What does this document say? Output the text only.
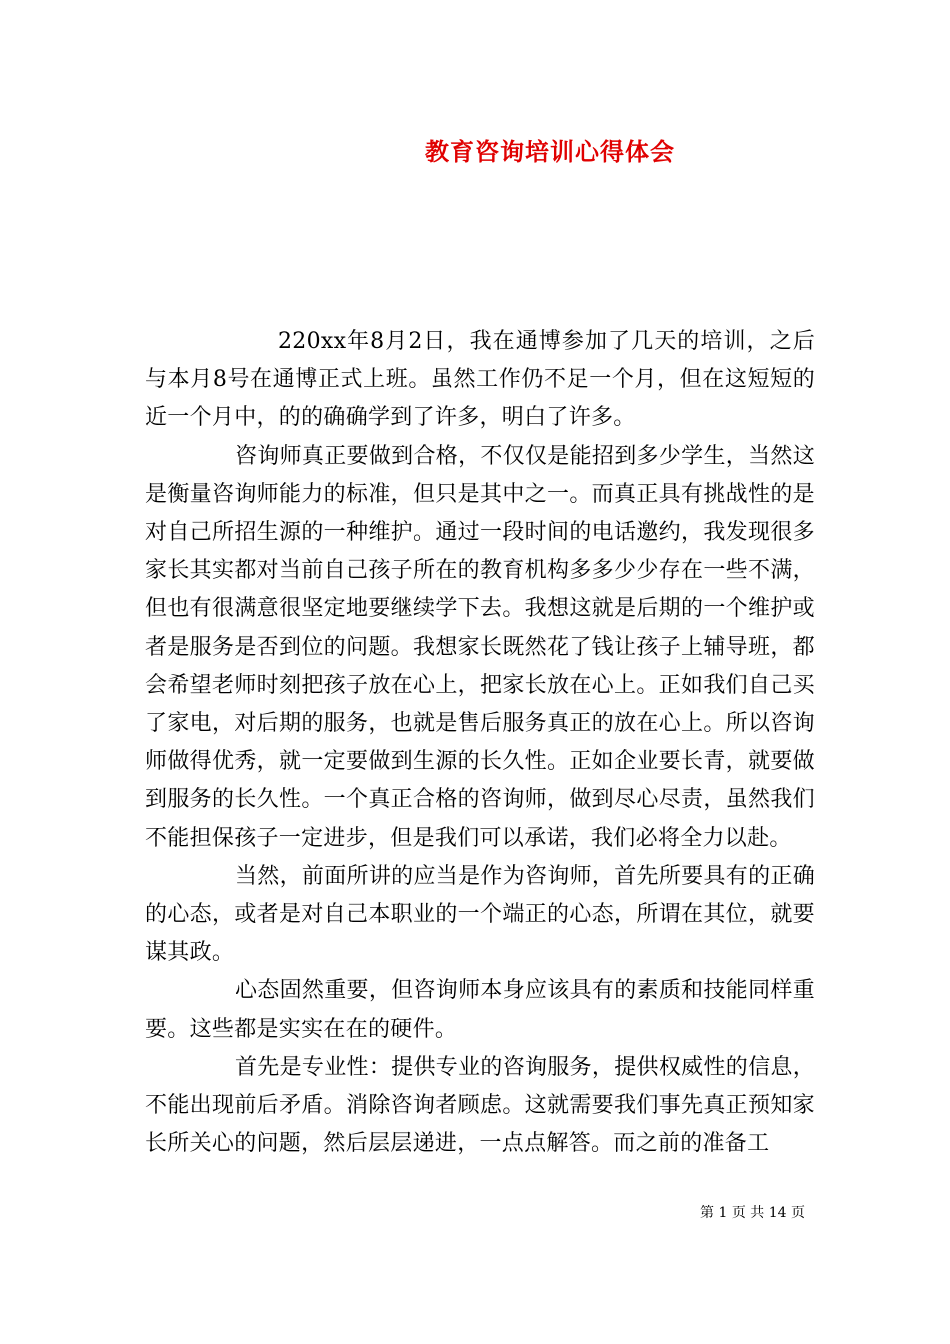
教育咨询培训心得体会

220xx年8月2日，我在通博参加了几天的培训，之后与本月8号在通博正式上班。虽然工作仍不足一个月，但在这短短的近一个月中，的的确确学到了许多，明白了许多。

咨询师真正要做到合格，不仅仅是能招到多少学生，当然这是衡量咨询师能力的标准，但只是其中之一。而真正具有挑战性的是对自己所招生源的一种维护。通过一段时间的电话邀约，我发现很多家长其实都对当前自己孩子所在的教育机构多多少少存在一些不满，但也有很满意很坚定地要继续学下去。我想这就是后期的一个维护或者是服务是否到位的问题。我想家长既然花了钱让孩子上辅导班，都会希望老师时刻把孩子放在心上，把家长放在心上。正如我们自己买了家电，对后期的服务，也就是售后服务真正的放在心上。所以咨询师做得优秀，就一定要做到生源的长久性。正如企业要长青，就要做到服务的长久性。一个真正合格的咨询师，做到尽心尽责，虽然我们不能担保孩子一定进步，但是我们可以承诺，我们必将全力以赴。

当然，前面所讲的应当是作为咨询师，首先所要具有的正确的心态，或者是对自己本职业的一个端正的心态，所谓在其位，就要谋其政。

心态固然重要，但咨询师本身应该具有的素质和技能同样重要。这些都是实实在在的硬件。

首先是专业性：提供专业的咨询服务，提供权威性的信息，不能出现前后矛盾。消除咨询者顾虑。这就需要我们事先真正预知家长所关心的问题，然后层层递进，一点点解答。而之前的准备工

第 1 页 共 14 页
